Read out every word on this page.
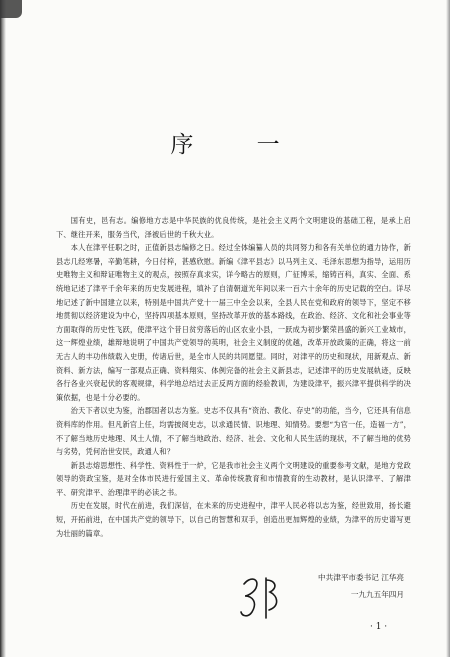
序 一

国有史，邑有志。编修地方志是中华民族的优良传统，是社会主义两个文明建设的基础工程，是承上启下、继往开来，服务当代，泽被后世的千秋大业。

本人在津平任职之时，正值新县志编修之日。经过全体编纂人员的共同努力和各有关单位的通力协作，新县志几经寒暑，辛勤笔耕，今日付梓，甚感欣慰。新编《津平县志》以马列主义、毛泽东思想为指导，运用历史唯物主义和辩证唯物主义的观点，按照存真求实，详今略古的原则，广征博采，缩铸百科，真实、全面、系统地记述了津平千余年来的历史发展进程，填补了自清朝道光年间以来一百六十余年的历史记载的空白。详尽地记述了新中国建立以来，特别是中国共产党十一届三中全会以来，全县人民在党和政府的领导下，坚定不移地贯彻以经济建设为中心，坚持四项基本原则，坚持改革开放的基本路线，在政治、经济、文化和社会事业等方面取得的历史性飞跃，使津平这个昔日贫穷落后的山区农业小县，一跃成为初步繁荣昌盛的新兴工业城市，这一辉煌业绩，雄辩地说明了中国共产党领导的英明，社会主义制度的优越，改革开放政策的正确，将这一前无古人的丰功伟绩载入史册，传诸后世，是全市人民的共同愿望。同时，对津平的历史和现状，用新观点、新资料、新方法，编写一部观点正确、资料翔实、体例完备的社会主义新县志，记述津平的历史发展轨迹，反映各行各业兴衰起伏的客观规律，科学地总结过去正反两方面的经验教训，为建设津平，振兴津平提供科学的决策依据，也是十分必要的。

治天下者以史为鉴，治郡国者以志为鉴。史志不仅具有“资治、教化、存史”的功能，当今，它还具有信息资料库的作用。但凡新官上任，均需披阅史志，以求通民情、识地理、知情势。要想“为官一任，造福一方”，不了解当地历史地理、风土人情，不了解当地政治、经济、社会、文化和人民生活的现状，不了解当地的优势与劣势，凭何治世安民，政通人和？

新县志熔思想性、科学性、资料性于一炉，它是我市社会主义两个文明建设的重要参考文献，是地方党政领导的资政宝鉴，是对全体市民进行爱国主义、革命传统教育和市情教育的生动教材，是认识津平、了解津平、研究津平、治理津平的必读之书。

历史在发展，时代在前进，我们深信，在未来的历史进程中，津平人民必将以志为鉴，经世致用，扬长避短，开拓前进，在中国共产党的领导下，以自己的智慧和双手，创造出更加辉煌的业绩，为津平的历史谱写更为壮丽的篇章。

中共津平市委书记 江华亮
一九九五年四月
· 1 ·
